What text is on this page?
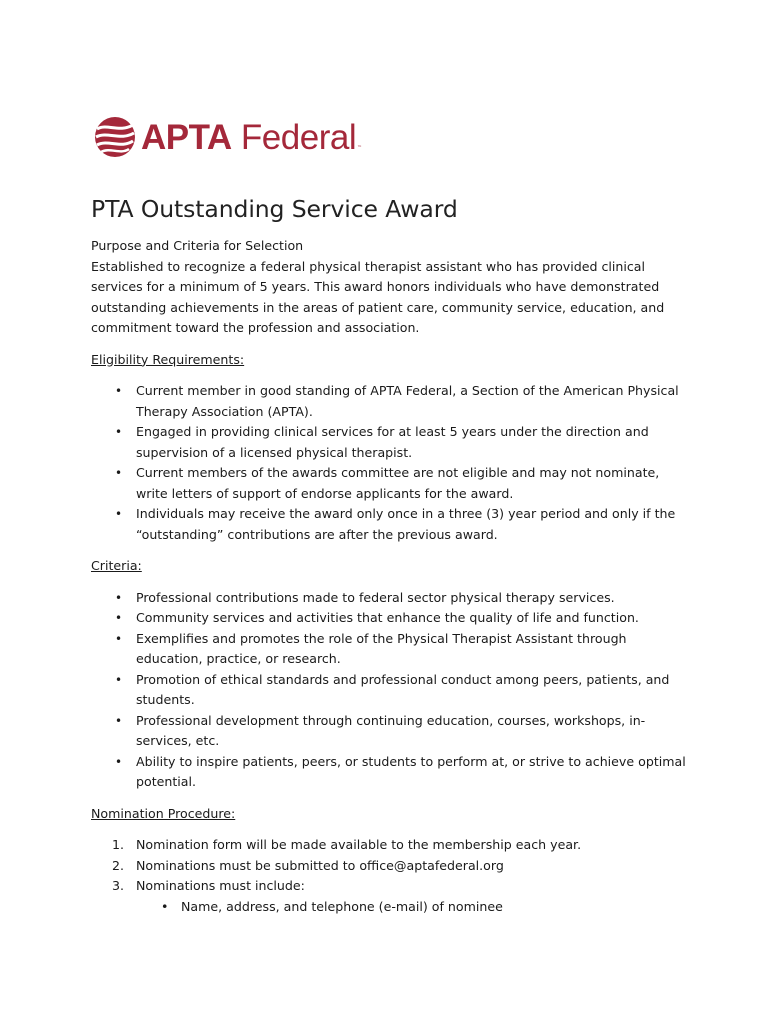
APTA Federal ™
PTA Outstanding Service Award
Purpose and Criteria for Selection
Established to recognize a federal physical therapist assistant who has provided clinical services for a minimum of 5 years. This award honors individuals who have demonstrated outstanding achievements in the areas of patient care, community service, education, and commitment toward the profession and association.
Eligibility Requirements:
• Current member in good standing of APTA Federal, a Section of the American Physical Therapy Association (APTA).
• Engaged in providing clinical services for at least 5 years under the direction and supervision of a licensed physical therapist.
• Current members of the awards committee are not eligible and may not nominate, write letters of support of endorse applicants for the award.
• Individuals may receive the award only once in a three (3) year period and only if the “outstanding” contributions are after the previous award.
Criteria:
• Professional contributions made to federal sector physical therapy services.
• Community services and activities that enhance the quality of life and function.
• Exemplifies and promotes the role of the Physical Therapist Assistant through education, practice, or research.
• Promotion of ethical standards and professional conduct among peers, patients, and students.
• Professional development through continuing education, courses, workshops, in-services, etc.
• Ability to inspire patients, peers, or students to perform at, or strive to achieve optimal potential.
Nomination Procedure:
1. Nomination form will be made available to the membership each year.
2. Nominations must be submitted to office@aptafederal.org
3. Nominations must include:
• Name, address, and telephone (e-mail) of nominee
